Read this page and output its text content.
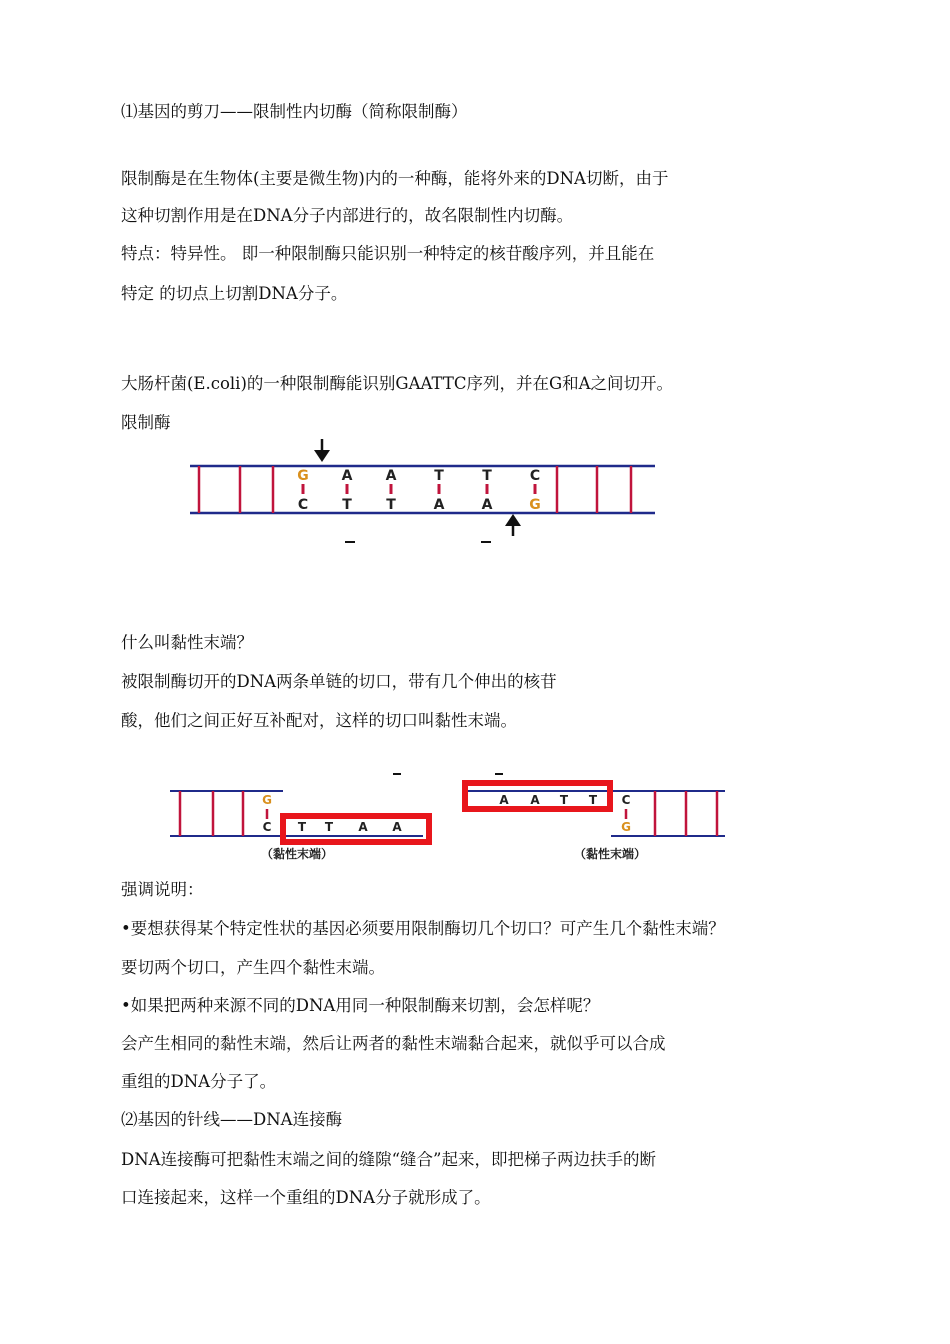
⑴基因的剪刀——限制性内切酶（简称限制酶）
限制酶是在生物体(主要是微生物)内的一种酶，能将外来的DNA切断，由于
这种切割作用是在DNA分子内部进行的，故名限制性内切酶。
特点：特异性。 即一种限制酶只能识别一种特定的核苷酸序列，并且能在
特定 的切点上切割DNA分子。
大肠杆菌(E.coli)的一种限制酶能识别GAATTC序列，并在G和A之间切开。
限制酶
G A A	T	T	C
C T T	A	A	G
什么叫黏性末端？
被限制酶切开的DNA两条单链的切口，带有几个伸出的核苷
酸，他们之间正好互补配对，这样的切口叫黏性末端。
G
C T T A A
（黏性末端）
A A T T C
G
（黏性末端）
强调说明：
•要想获得某个特定性状的基因必须要用限制酶切几个切口？可产生几个黏性末端？
要切两个切口，产生四个黏性末端。
•如果把两种来源不同的DNA用同一种限制酶来切割，会怎样呢？
会产生相同的黏性末端，然后让两者的黏性末端黏合起来，就似乎可以合成
重组的DNA分子了。
⑵基因的针线——DNA连接酶
DNA连接酶可把黏性末端之间的缝隙“缝合”起来，即把梯子两边扶手的断
口连接起来，这样一个重组的DNA分子就形成了。
